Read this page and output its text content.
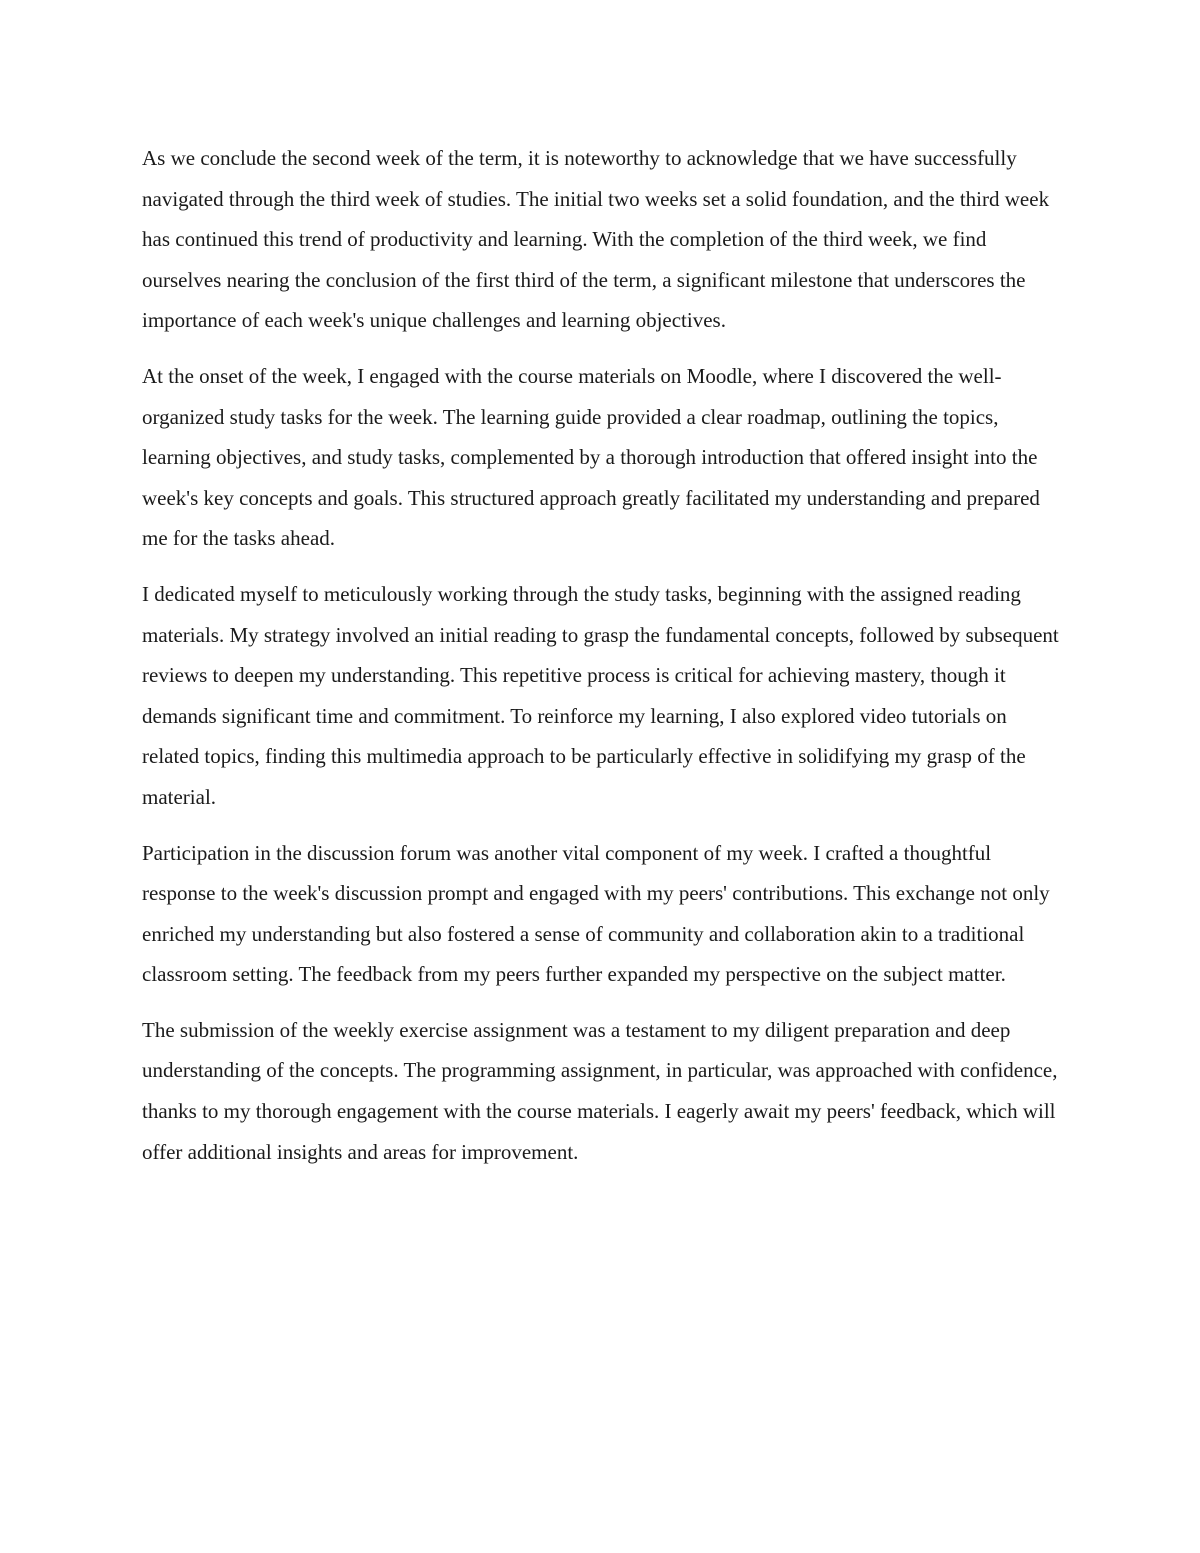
As we conclude the second week of the term, it is noteworthy to acknowledge that we have successfully navigated through the third week of studies. The initial two weeks set a solid foundation, and the third week has continued this trend of productivity and learning. With the completion of the third week, we find ourselves nearing the conclusion of the first third of the term, a significant milestone that underscores the importance of each week's unique challenges and learning objectives.

At the onset of the week, I engaged with the course materials on Moodle, where I discovered the well-organized study tasks for the week. The learning guide provided a clear roadmap, outlining the topics, learning objectives, and study tasks, complemented by a thorough introduction that offered insight into the week's key concepts and goals. This structured approach greatly facilitated my understanding and prepared me for the tasks ahead.

I dedicated myself to meticulously working through the study tasks, beginning with the assigned reading materials. My strategy involved an initial reading to grasp the fundamental concepts, followed by subsequent reviews to deepen my understanding. This repetitive process is critical for achieving mastery, though it demands significant time and commitment. To reinforce my learning, I also explored video tutorials on related topics, finding this multimedia approach to be particularly effective in solidifying my grasp of the material.

Participation in the discussion forum was another vital component of my week. I crafted a thoughtful response to the week's discussion prompt and engaged with my peers' contributions. This exchange not only enriched my understanding but also fostered a sense of community and collaboration akin to a traditional classroom setting. The feedback from my peers further expanded my perspective on the subject matter.

The submission of the weekly exercise assignment was a testament to my diligent preparation and deep understanding of the concepts. The programming assignment, in particular, was approached with confidence, thanks to my thorough engagement with the course materials. I eagerly await my peers' feedback, which will offer additional insights and areas for improvement.
